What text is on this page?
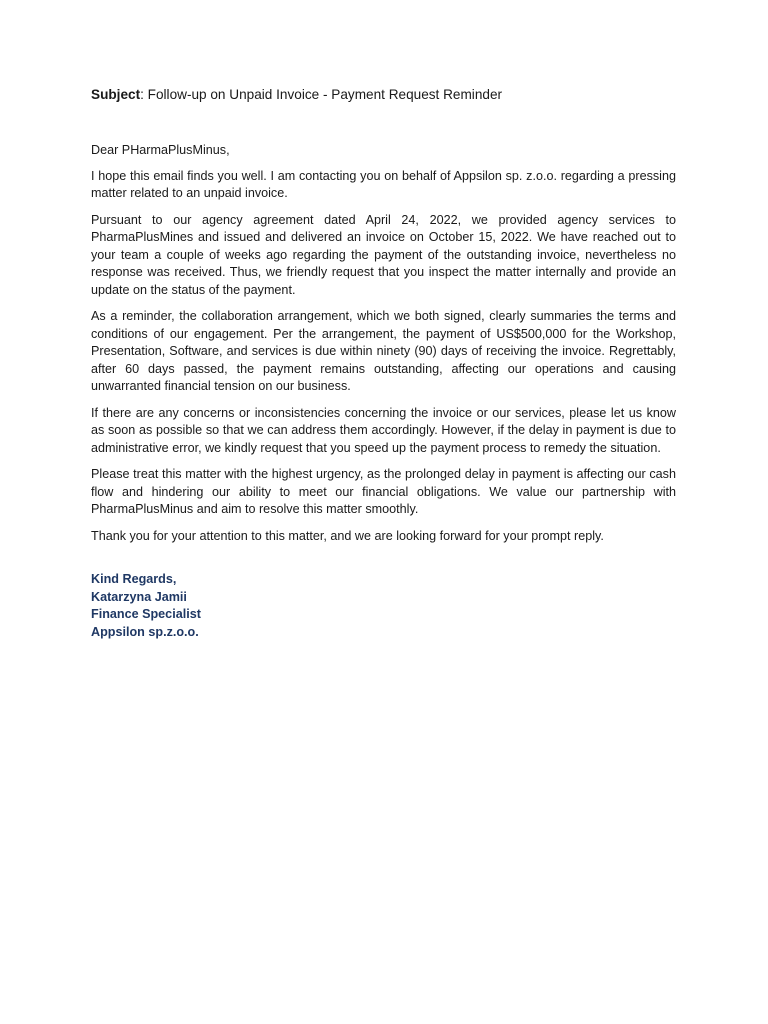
Subject: Follow-up on Unpaid Invoice - Payment Request Reminder

Dear PHarmaPlusMinus,

I hope this email finds you well. I am contacting you on behalf of Appsilon sp. z.o.o. regarding a pressing matter related to an unpaid invoice.

Pursuant to our agency agreement dated April 24, 2022, we provided agency services to PharmaPlusMines and issued and delivered an invoice on October 15, 2022. We have reached out to your team a couple of weeks ago regarding the payment of the outstanding invoice, nevertheless no response was received. Thus, we friendly request that you inspect the matter internally and provide an update on the status of the payment.

As a reminder, the collaboration arrangement, which we both signed, clearly summaries the terms and conditions of our engagement. Per the arrangement, the payment of US$500,000 for the Workshop, Presentation, Software, and services is due within ninety (90) days of receiving the invoice. Regrettably, after 60 days passed, the payment remains outstanding, affecting our operations and causing unwarranted financial tension on our business.

If there are any concerns or inconsistencies concerning the invoice or our services, please let us know as soon as possible so that we can address them accordingly. However, if the delay in payment is due to administrative error, we kindly request that you speed up the payment process to remedy the situation.

Please treat this matter with the highest urgency, as the prolonged delay in payment is affecting our cash flow and hindering our ability to meet our financial obligations. We value our partnership with PharmaPlusMinus and aim to resolve this matter smoothly.

Thank you for your attention to this matter, and we are looking forward for your prompt reply.

Kind Regards,
Katarzyna Jamii
Finance Specialist
Appsilon sp.z.o.o.
